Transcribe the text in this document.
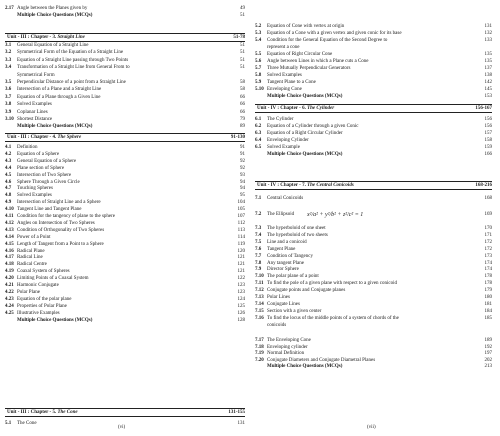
2.17 Angle between the Planes given by	49
Multiple Choice Questions (MCQs)	51
Unit - III : Chapter - 3. Straight Line	51-78
3.1 General Equation of a Straight Line	51
3.2 Symmetrical Form of the Equation of a Straight Line	51
3.3 Equation of a Straight Line passing through Two Points	51
3.4 Transformation of a Straight Line from General From to	51
Symmetrical Form
3.5 Perpendicular Distance of a point from a Straight Line	58
3.6 Intersection of a Plane and a Straight Line	58
3.7 Equation of a Plane through a Given Line	66
3.8 Solved Examples	66
3.9 Coplanar Lines	66
3.10 Shortest Distance	79
Multiple Choice Questions (MCQs)	89
Unit - III : Chapter - 4. The Sphere	91-130
4.1 Definition	91
4.2 Equation of a Sphere	91
4.3 General Equation of a Sphere	92
4.4 Plane section of Sphere	92
4.5 Intersection of Two Sphere	93
4.6 Sphere Through a Given Circle	94
4.7 Touching Spheres	94
4.8 Solved Examples	95
4.9 Intersection of Straight Line and a Sphere	104
4.10 Tangent Line and Tangent Plane	105
4.11 Condition for the tangency of plane to the sphere	107
4.12 Angles on Intersection of Two Spheres	112
4.13 Condition of Orthogonality of Two Spheres	113
4.14 Power of a Point	114
4.15 Length of Tangent from a Point to a Sphere	119
4.16 Radical Plane	120
4.17 Radical Line	121
4.18 Radical Centre	121
4.19 Coaxal System of Spheres	121
4.20 Limiting Points of a Coaxal System	122
4.21 Harmonic Conjugate	123
4.22 Polar Plane	123
4.23 Equation of the polar plane	124
4.24 Properties of Polar Plane	125
4.25 Illustrative Examples	126
Multiple Choice Questions (MCQs)	128
Unit - III : Chapter - 5. The Cone	131-155
5.1 The Cone	131
(vi)
5.2 Equation of Cone with vertex at origin	131
5.3 Equation of a Cone with a given vertex and given conic for its base	132
5.4 Condition for the General Equation of the Second Degree to	133
represent a cone
5.5 Equation of Right Circular Cone	135
5.6 Angle between Lines in which a Plane cuts a Cone	135
5.7 Three Mutually Perpendicular Generators	137
5.8 Solved Examples	138
5.9 Tangent Plane to a Cone	142
5.10 Enveloping Cone	145
Multiple Choice Questions (MCQs)	153
Unit - IV : Chapter - 6. The Cylinder	156-167
6.1 The Cylinder	156
6.2 Equation of a Cylinder through a given Conic	156
6.3 Equation of a Right Circular Cylinder	157
6.4 Enveloping Cylinder	158
6.5 Solved Example	159
Multiple Choice Questions (MCQs)	166
Unit - IV : Chapter - 7. The Central Conicoids	168-216
7.1 Central Conicoids	168
7.2 The Ellipsoid x²/a² + y²/b² + z²/c² = 1	169
7.3 The hyperboloid of one sheet	170
7.4 The hyperboloid of two sheets	171
7.5 Line and a conicoid	172
7.6 Tangent Plane	172
7.7 Condition of Tangency	173
7.8 Any tangent Plane	174
7.9 Director Sphere	174
7.10 The polar plane of a point	178
7.11 To find the pole of a given plane with respect to a given conicoid	178
7.12 Conjugate points and Conjugate planes	179
7.13 Polar Lines	180
7.14 Conjugate Lines	181
7.15 Section with a given center	184
7.16 To find the locus of the middle points of a system of chords of the	185
conicoids
7.17 The Enveloping Cone	189
7.18 Enveloping cylinder	192
7.19 Normal Definition	197
7.20 Conjugate Diameters and Conjugate Diametral Planes	202
Multiple Choice Questions (MCQs)	213
(vii)
